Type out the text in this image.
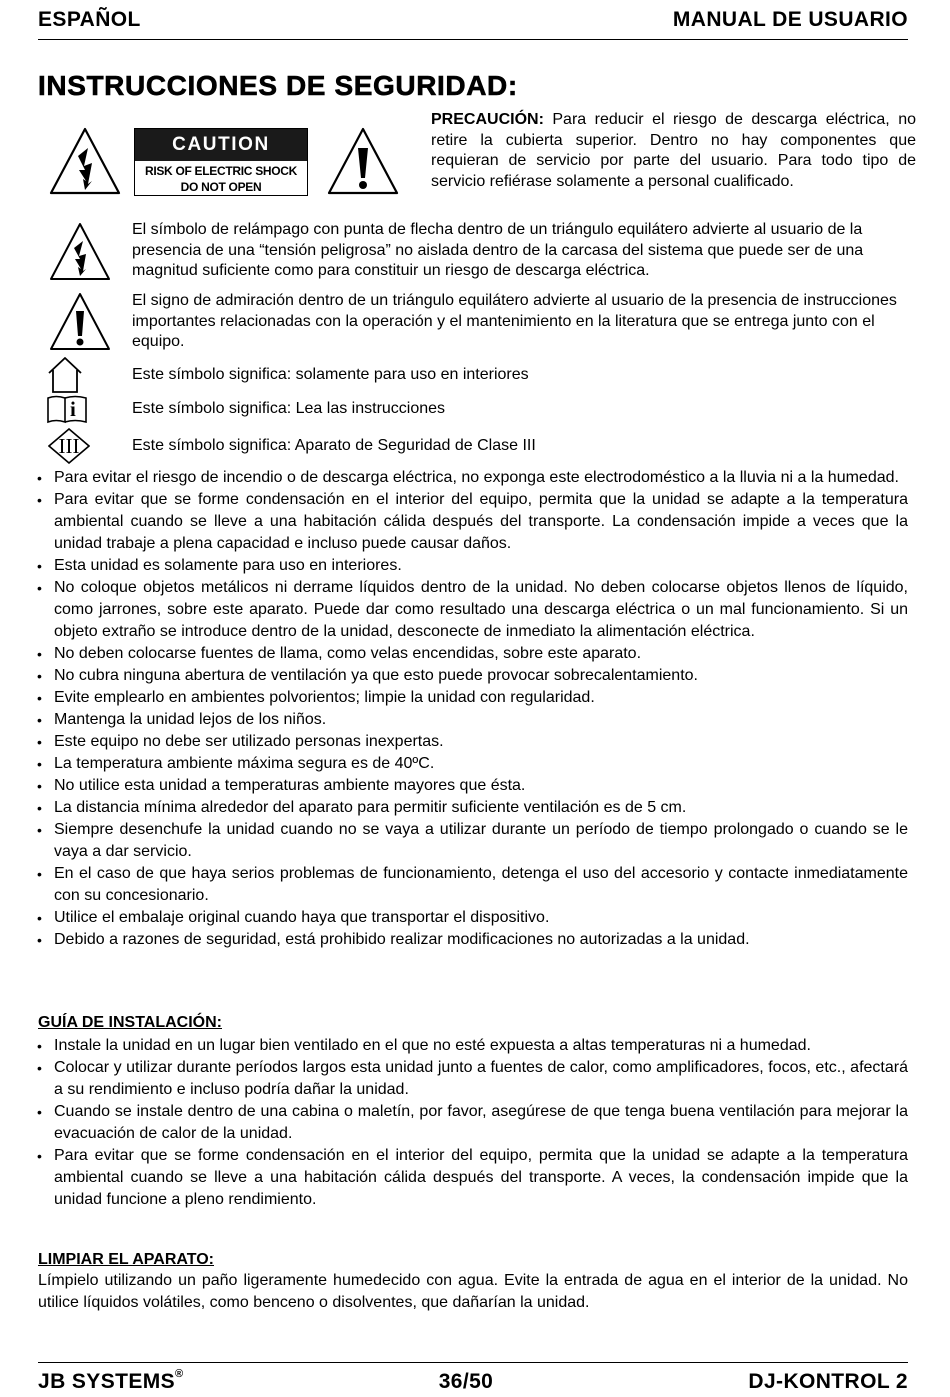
ESPAÑOL	MANUAL DE USUARIO
INSTRUCCIONES DE SEGURIDAD:
CAUTION
RISK OF ELECTRIC SHOCK
DO NOT OPEN
PRECAUCIÓN: Para reducir el riesgo de descarga eléctrica, no retire la cubierta superior. Dentro no hay componentes que requieran de servicio por parte del usuario. Para todo tipo de servicio refiérase solamente a personal cualificado.
El símbolo de relámpago con punta de flecha dentro de un triángulo equilátero advierte al usuario de la presencia de una “tensión peligrosa” no aislada dentro de la carcasa del sistema que puede ser de una magnitud suficiente como para constituir un riesgo de descarga eléctrica.
El signo de admiración dentro de un triángulo equilátero advierte al usuario de la presencia de instrucciones importantes relacionadas con la operación y el mantenimiento en la literatura que se entrega junto con el equipo.
Este símbolo significa: solamente para uso en interiores
i	Este símbolo significa: Lea las instrucciones
III	Este símbolo significa: Aparato de Seguridad de Clase III
• Para evitar el riesgo de incendio o de descarga eléctrica, no exponga este electrodoméstico a la lluvia ni a la humedad.
• Para evitar que se forme condensación en el interior del equipo, permita que la unidad se adapte a la temperatura ambiental cuando se lleve a una habitación cálida después del transporte. La condensación impide a veces que la unidad trabaje a plena capacidad e incluso puede causar daños.
• Esta unidad es solamente para uso en interiores.
• No coloque objetos metálicos ni derrame líquidos dentro de la unidad. No deben colocarse objetos llenos de líquido, como jarrones, sobre este aparato. Puede dar como resultado una descarga eléctrica o un mal funcionamiento. Si un objeto extraño se introduce dentro de la unidad, desconecte de inmediato la alimentación eléctrica.
• No deben colocarse fuentes de llama, como velas encendidas, sobre este aparato.
• No cubra ninguna abertura de ventilación ya que esto puede provocar sobrecalentamiento.
• Evite emplearlo en ambientes polvorientos; limpie la unidad con regularidad.
• Mantenga la unidad lejos de los niños.
• Este equipo no debe ser utilizado personas inexpertas.
• La temperatura ambiente máxima segura es de 40ºC.
• No utilice esta unidad a temperaturas ambiente mayores que ésta.
• La distancia mínima alrededor del aparato para permitir suficiente ventilación es de 5 cm.
• Siempre desenchufe la unidad cuando no se vaya a utilizar durante un período de tiempo prolongado o cuando se le vaya a dar servicio.
• En el caso de que haya serios problemas de funcionamiento, detenga el uso del accesorio y contacte inmediatamente con su concesionario.
• Utilice el embalaje original cuando haya que transportar el dispositivo.
• Debido a razones de seguridad, está prohibido realizar modificaciones no autorizadas a la unidad.
GUÍA DE INSTALACIÓN:
• Instale la unidad en un lugar bien ventilado en el que no esté expuesta a altas temperaturas ni a humedad.
• Colocar y utilizar durante períodos largos esta unidad junto a fuentes de calor, como amplificadores, focos, etc., afectará a su rendimiento e incluso podría dañar la unidad.
• Cuando se instale dentro de una cabina o maletín, por favor, asegúrese de que tenga buena ventilación para mejorar la evacuación de calor de la unidad.
• Para evitar que se forme condensación en el interior del equipo, permita que la unidad se adapte a la temperatura ambiental cuando se lleve a una habitación cálida después del transporte. A veces, la condensación impide que la unidad funcione a pleno rendimiento.
LIMPIAR EL APARATO:
Límpielo utilizando un paño ligeramente humedecido con agua. Evite la entrada de agua en el interior de la unidad. No utilice líquidos volátiles, como benceno o disolventes, que dañarían la unidad.
JB SYSTEMS®	36/50	DJ-KONTROL 2
